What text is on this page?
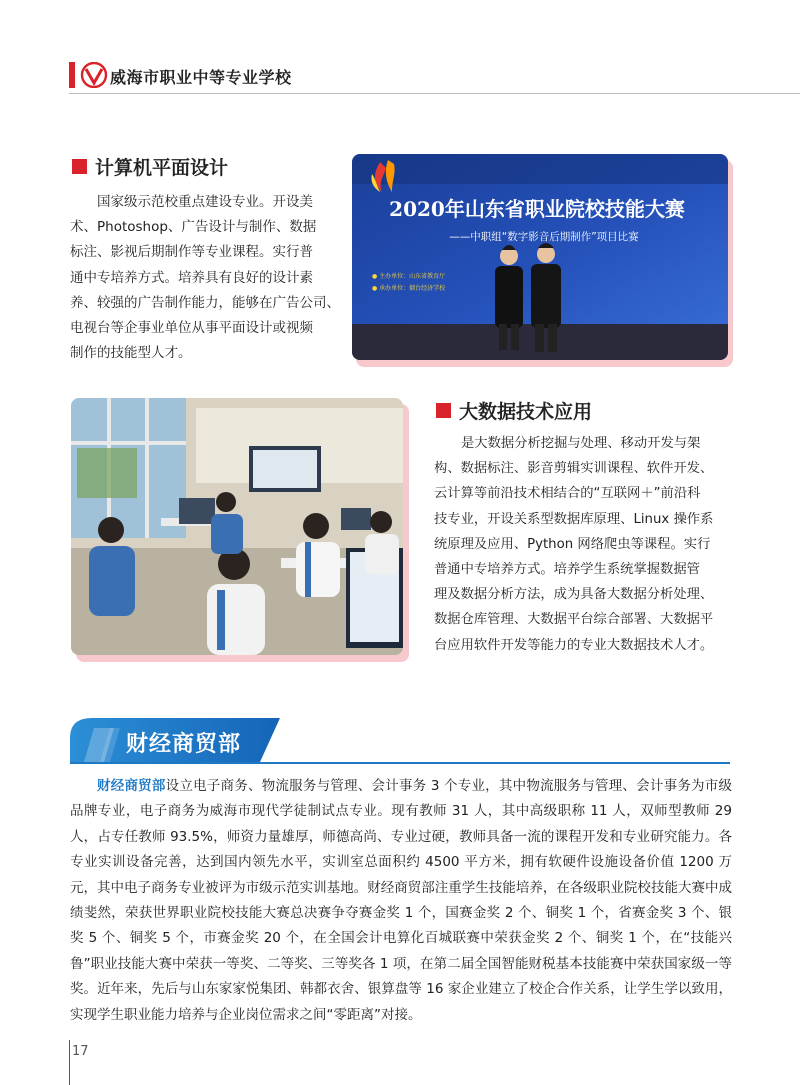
威海市职业中等专业学校
计算机平面设计
国家级示范校重点建设专业。开设美
术、Photoshop、广告设计与制作、数据
标注、影视后期制作等专业课程。实行普
通中专培养方式。培养具有良好的设计素
养、较强的广告制作能力，能够在广告公司、
电视台等企事业单位从事平面设计或视频
制作的技能型人才。
2020年山东省职业院校技能大赛
——中职组“数字影音后期制作”项目比赛
● 主办单位：山东省教育厅
● 承办单位：烟台经济学校
大数据技术应用
是大数据分析挖掘与处理、移动开发与架
构、数据标注、影音剪辑实训课程、软件开发、
云计算等前沿技术相结合的“互联网＋”前沿科
技专业，开设关系型数据库原理、Linux 操作系
统原理及应用、Python 网络爬虫等课程。实行
普通中专培养方式。培养学生系统掌握数据管
理及数据分析方法，成为具备大数据分析处理、
数据仓库管理、大数据平台综合部署、大数据平
台应用软件开发等能力的专业大数据技术人才。
财经商贸部
财经商贸部设立电子商务、物流服务与管理、会计事务 3 个专业，其中物流服务与管理、会计事务为市级品牌专业，电子商务为威海市现代学徒制试点专业。现有教师 31 人，其中高级职称 11 人，双师型教师 29 人，占专任教师 93.5%，师资力量雄厚，师德高尚、专业过硬，教师具备一流的课程开发和专业研究能力。各专业实训设备完善，达到国内领先水平，实训室总面积约 4500 平方米，拥有软硬件设施设备价值 1200 万元，其中电子商务专业被评为市级示范实训基地。财经商贸部注重学生技能培养，在各级职业院校技能大赛中成绩斐然，荣获世界职业院校技能大赛总决赛争夺赛金奖 1 个，国赛金奖 2 个、铜奖 1 个，省赛金奖 3 个、银奖 5 个、铜奖 5 个，市赛金奖 20 个，在全国会计电算化百城联赛中荣获金奖 2 个、铜奖 1 个，在“技能兴鲁”职业技能大赛中荣获一等奖、二等奖、三等奖各 1 项，在第二届全国智能财税基本技能赛中荣获国家级一等奖。近年来，先后与山东家家悦集团、韩都衣舍、银算盘等 16 家企业建立了校企合作关系，让学生学以致用，实现学生职业能力培养与企业岗位需求之间“零距离”对接。
17
